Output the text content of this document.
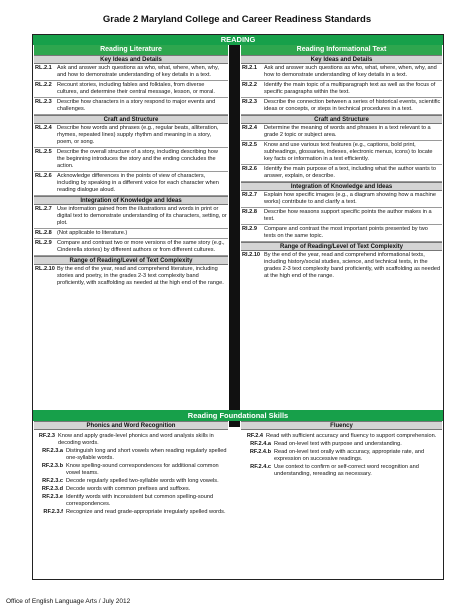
Grade 2 Maryland College and Career Readiness Standards
READING
Reading Literature
Key Ideas and Details
RL.2.1 Ask and answer such questions as who, what, where, when, why, and how to demonstrate understanding of key details in a text.
RL.2.2 Recount stories, including fables and folktales, from diverse cultures, and determine their central message, lesson, or moral.
RL.2.3 Describe how characters in a story respond to major events and challenges.
Craft and Structure
RL.2.4 Describe how words and phrases (e.g., regular beats, alliteration, rhymes, repeated lines) supply rhythm and meaning in a story, poem, or song.
RL.2.5 Describe the overall structure of a story, including describing how the beginning introduces the story and the ending concludes the action.
RL.2.6 Acknowledge differences in the points of view of characters, including by speaking in a different voice for each character when reading dialogue aloud.
Integration of Knowledge and Ideas
RL.2.7 Use information gained from the illustrations and words in print or digital text to demonstrate understanding of its characters, setting, or plot.
RL.2.8 (Not applicable to literature.)
RL.2.9 Compare and contrast two or more versions of the same story (e.g., Cinderella stories) by different authors or from different cultures.
Range of Reading/Level of Text Complexity
RL.2.10 By the end of the year, read and comprehend literature, including stories and poetry, in the grades 2-3 text complexity band proficiently, with scaffolding as needed at the high end of the range.
Reading Informational Text
Key Ideas and Details
RI.2.1	Ask and answer such questions as who, what, where, when, why, and how to demonstrate understanding of key details in a text.
RI.2.2	Identify the main topic of a multiparagraph text as well as the focus of specific paragraphs within the text.
RI.2.3	Describe the connection between a series of historical events, scientific ideas or concepts, or steps in technical procedures in a text.
Craft and Structure
RI.2.4	Determine the meaning of words and phrases in a text relevant to a grade 2 topic or subject area.
RI.2.5	Know and use various text features (e.g., captions, bold print, subheadings, glossaries, indexes, electronic menus, icons) to locate key facts or information in a text efficiently.
RI.2.6	Identify the main purpose of a text, including what the author wants to answer, explain, or describe.
Integration of Knowledge and Ideas
RI.2.7	Explain how specific images (e.g., a diagram showing how a machine works) contribute to and clarify a text.
RI.2.8	Describe how reasons support specific points the author makes in a text.
RI.2.9	Compare and contrast the most important points presented by two texts on the same topic.
Range of Reading/Level of Text Complexity
RI.2.10 By the end of the year, read and comprehend informational texts, including history/social studies, science, and technical texts, in the grades 2-3 text complexity band proficiently, with scaffolding as needed at the high end of the range.
Reading Foundational Skills
Phonics and Word Recognition	Fluency
RF.2.3 Know and apply grade-level phonics and word analysis skills in decoding words.
RF.2.3.a Distinguish long and short vowels when reading regularly spelled one-syllable words.
RF.2.3.b Know spelling-sound correspondences for additional common vowel teams.
RF.2.3.c Decode regularly spelled two-syllable words with long vowels.
RF.2.3.d Decode words with common prefixes and suffixes.
RF.2.3.e Identify words with inconsistent but common spelling-sound correspondences.
RF.2.3.f Recognize and read grade-appropriate irregularly spelled words.
RF.2.4 Read with sufficient accuracy and fluency to support comprehension.
RF.2.4.a Read on-level text with purpose and understanding.
RF.2.4.b Read on-level text orally with accuracy, appropriate rate, and expression on successive readings.
RF.2.4.c Use context to confirm or self-correct word recognition and understanding, rereading as necessary.
Office of English Language Arts / July 2012
